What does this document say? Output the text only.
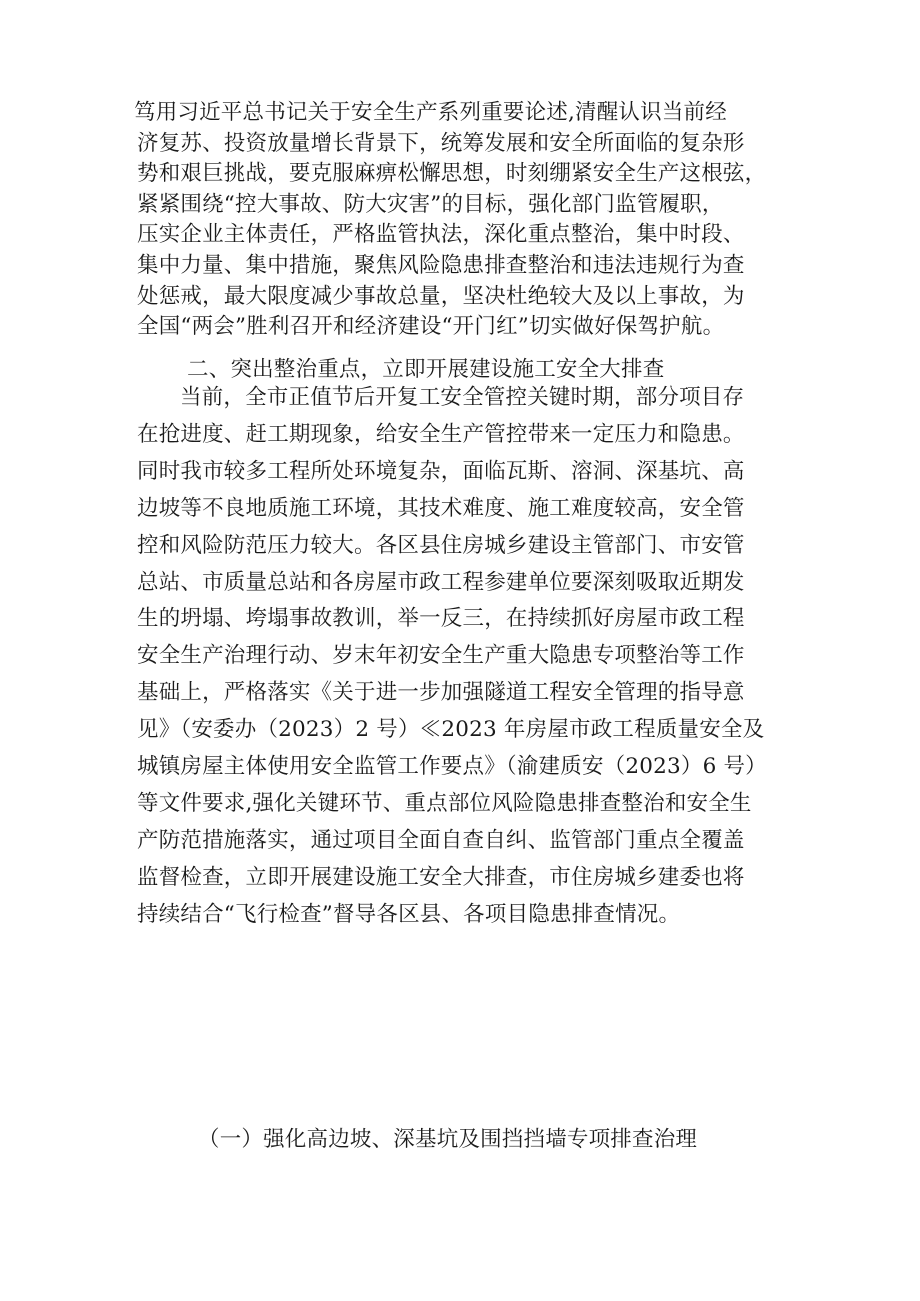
笃用习近平总书记关于安全生产系列重要论述,清醒认识当前经
济复苏、投资放量增长背景下，统筹发展和安全所面临的复杂形
势和艰巨挑战，要克服麻痹松懈思想，时刻绷紧安全生产这根弦，
紧紧围绕“控大事故、防大灾害”的目标，强化部门监管履职，
压实企业主体责任，严格监管执法，深化重点整治，集中时段、
集中力量、集中措施，聚焦风险隐患排查整治和违法违规行为查
处惩戒，最大限度减少事故总量，坚决杜绝较大及以上事故，为
全国“两会”胜利召开和经济建设“开门红”切实做好保驾护航。
二、突出整治重点，立即开展建设施工安全大排查
当前，全市正值节后开复工安全管控关键时期，部分项目存
在抢进度、赶工期现象，给安全生产管控带来一定压力和隐患。
同时我市较多工程所处环境复杂，面临瓦斯、溶洞、深基坑、高
边坡等不良地质施工环境，其技术难度、施工难度较高，安全管
控和风险防范压力较大。各区县住房城乡建设主管部门、市安管
总站、市质量总站和各房屋市政工程参建单位要深刻吸取近期发
生的坍塌、垮塌事故教训，举一反三，在持续抓好房屋市政工程
安全生产治理行动、岁末年初安全生产重大隐患专项整治等工作
基础上，严格落实《关于进一步加强隧道工程安全管理的指导意
见》（安委办（2023）2 号）≪2023 年房屋市政工程质量安全及
城镇房屋主体使用安全监管工作要点》（渝建质安（2023）6 号）
等文件要求,强化关键环节、重点部位风险隐患排查整治和安全生
产防范措施落实，通过项目全面自查自纠、监管部门重点全覆盖
监督检查，立即开展建设施工安全大排查，市住房城乡建委也将
持续结合“飞行检查”督导各区县、各项目隐患排查情况。
（一）强化高边坡、深基坑及围挡挡墙专项排查治理
